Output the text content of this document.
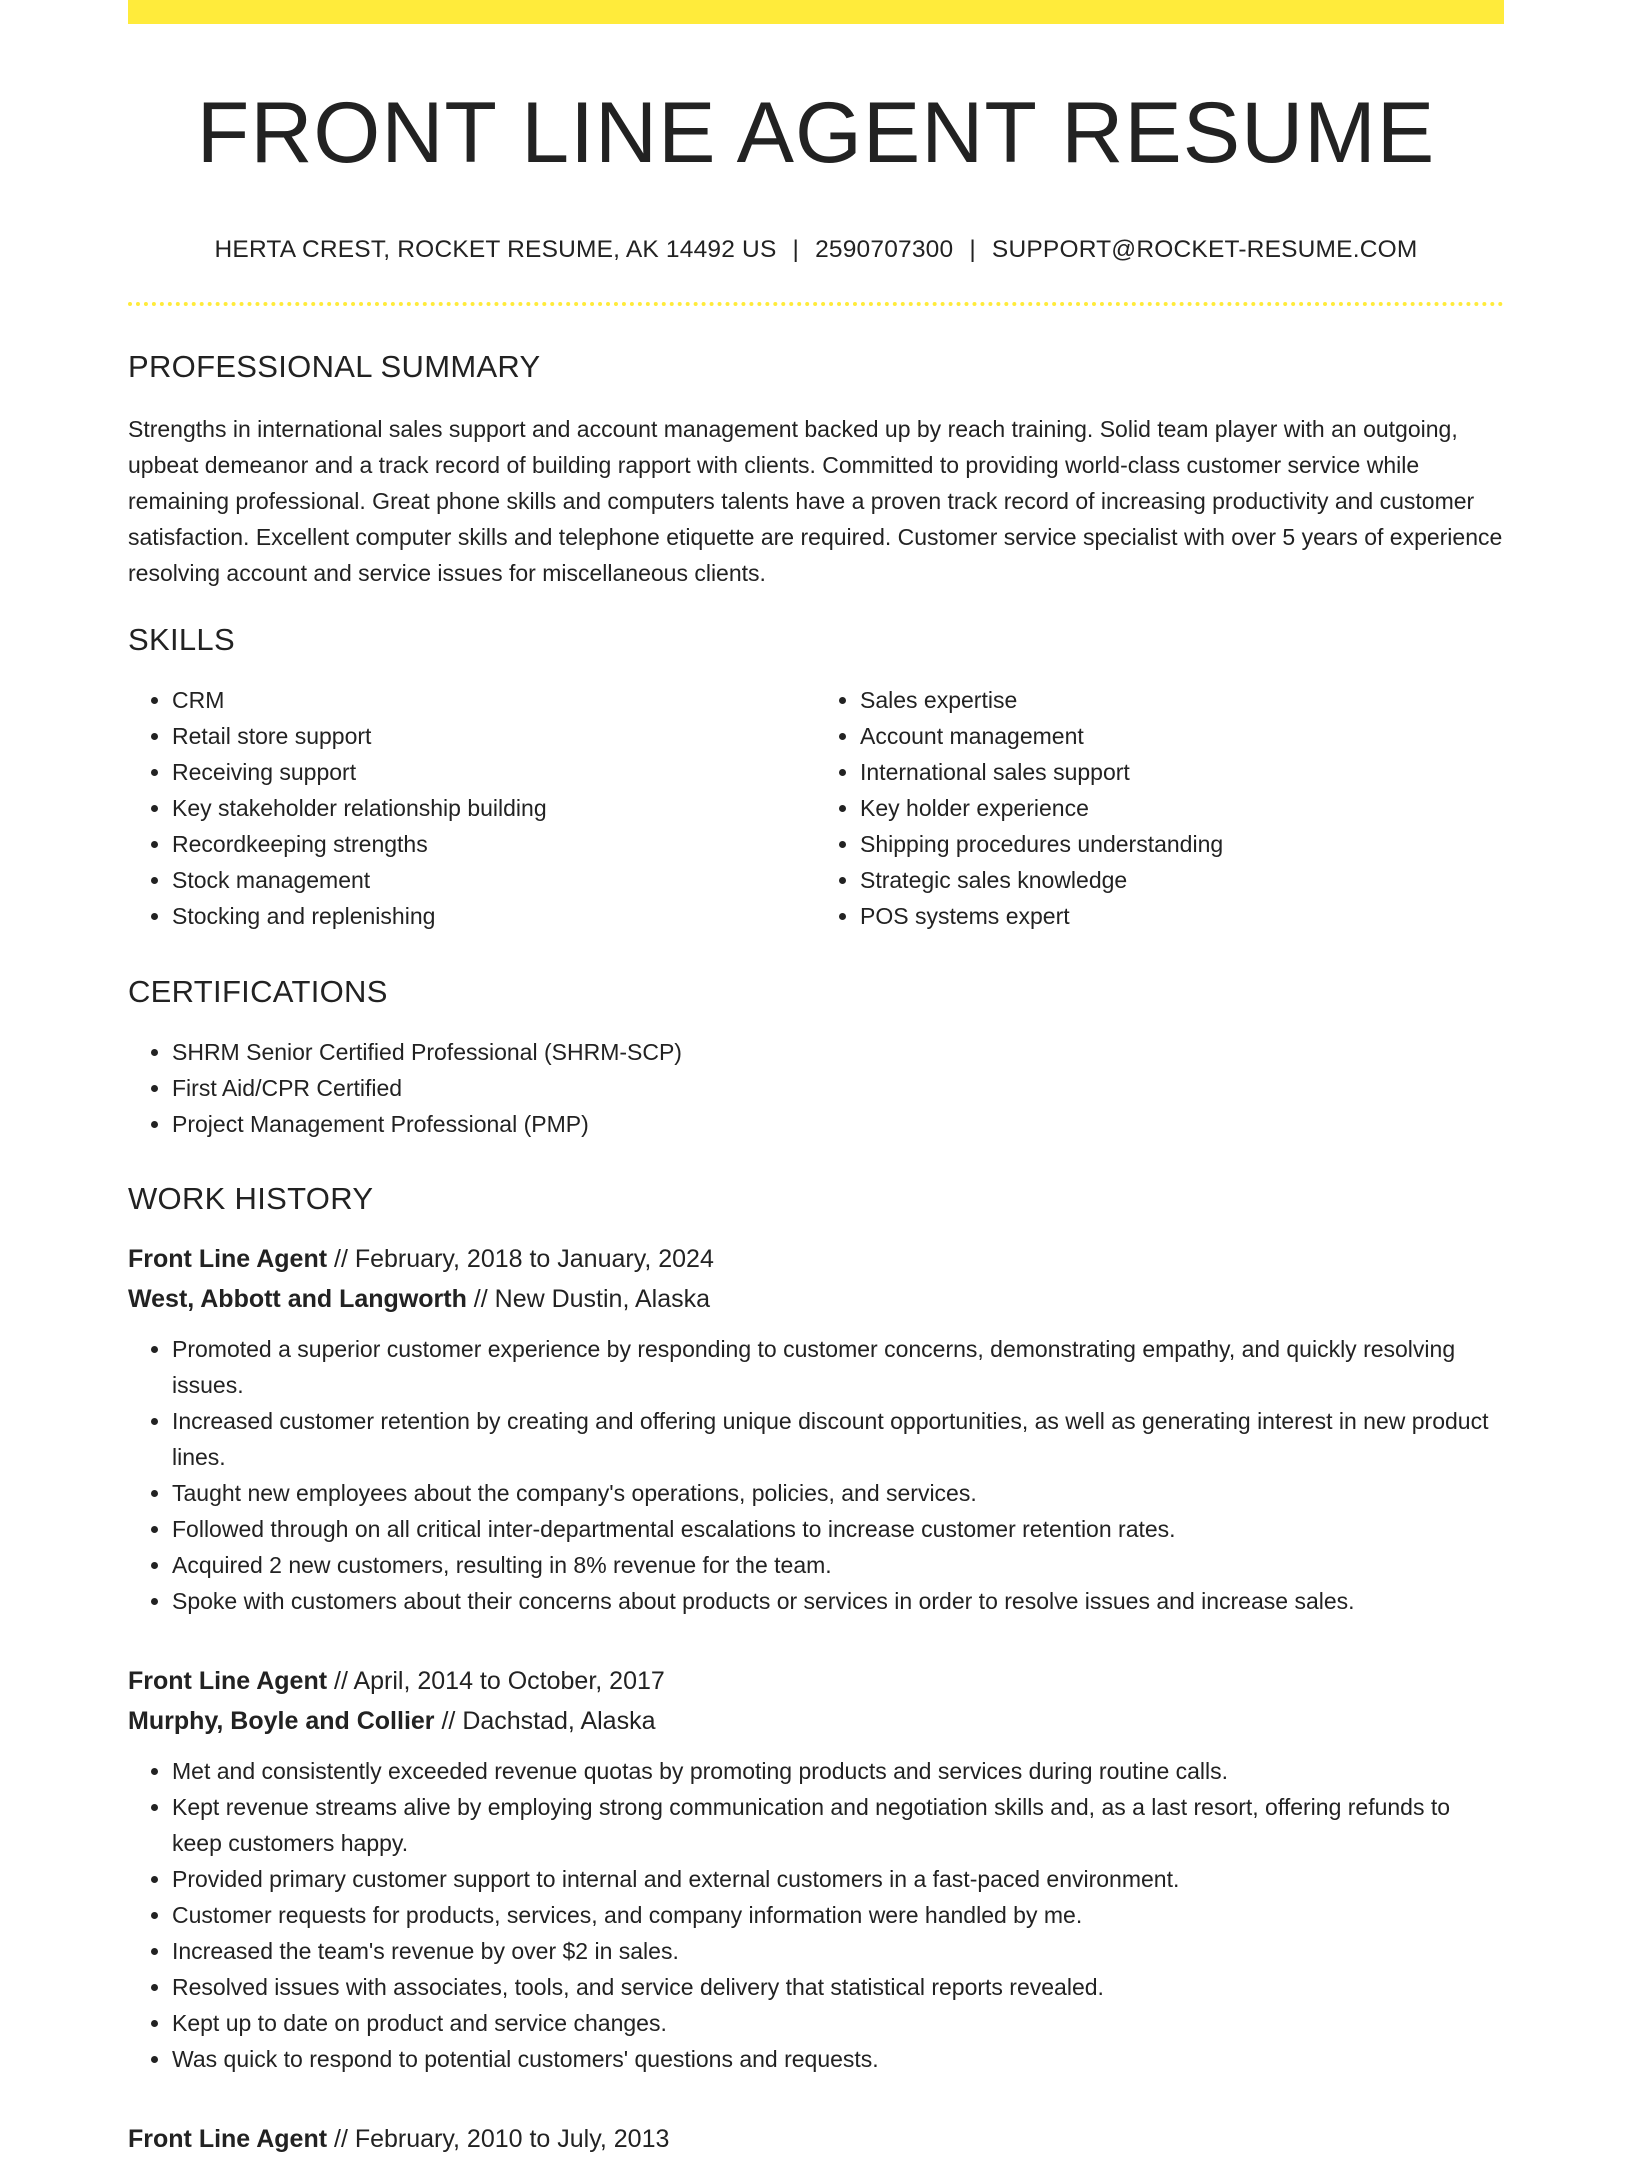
FRONT LINE AGENT RESUME
HERTA CREST, ROCKET RESUME, AK 14492 US | 2590707300 | SUPPORT@ROCKET-RESUME.COM
PROFESSIONAL SUMMARY

Strengths in international sales support and account management backed up by reach training. Solid team player with an outgoing, upbeat demeanor and a track record of building rapport with clients. Committed to providing world-class customer service while remaining professional. Great phone skills and computers talents have a proven track record of increasing productivity and customer satisfaction. Excellent computer skills and telephone etiquette are required. Customer service specialist with over 5 years of experience resolving account and service issues for miscellaneous clients.

SKILLS
• CRM
• Retail store support
• Receiving support
• Key stakeholder relationship building
• Recordkeeping strengths
• Stock management
• Stocking and replenishing
• Sales expertise
• Account management
• International sales support
• Key holder experience
• Shipping procedures understanding
• Strategic sales knowledge
• POS systems expert
CERTIFICATIONS
• SHRM Senior Certified Professional (SHRM-SCP)
• First Aid/CPR Certified
• Project Management Professional (PMP)
WORK HISTORY
Front Line Agent // February, 2018 to January, 2024
West, Abbott and Langworth // New Dustin, Alaska
• Promoted a superior customer experience by responding to customer concerns, demonstrating empathy, and quickly resolving issues.
• Increased customer retention by creating and offering unique discount opportunities, as well as generating interest in new product lines.
• Taught new employees about the company's operations, policies, and services.
• Followed through on all critical inter-departmental escalations to increase customer retention rates.
• Acquired 2 new customers, resulting in 8% revenue for the team.
• Spoke with customers about their concerns about products or services in order to resolve issues and increase sales.
Front Line Agent // April, 2014 to October, 2017
Murphy, Boyle and Collier // Dachstad, Alaska
• Met and consistently exceeded revenue quotas by promoting products and services during routine calls.
• Kept revenue streams alive by employing strong communication and negotiation skills and, as a last resort, offering refunds to keep customers happy.
• Provided primary customer support to internal and external customers in a fast-paced environment.
• Customer requests for products, services, and company information were handled by me.
• Increased the team's revenue by over $2 in sales.
• Resolved issues with associates, tools, and service delivery that statistical reports revealed.
• Kept up to date on product and service changes.
• Was quick to respond to potential customers' questions and requests.
Front Line Agent // February, 2010 to July, 2013
